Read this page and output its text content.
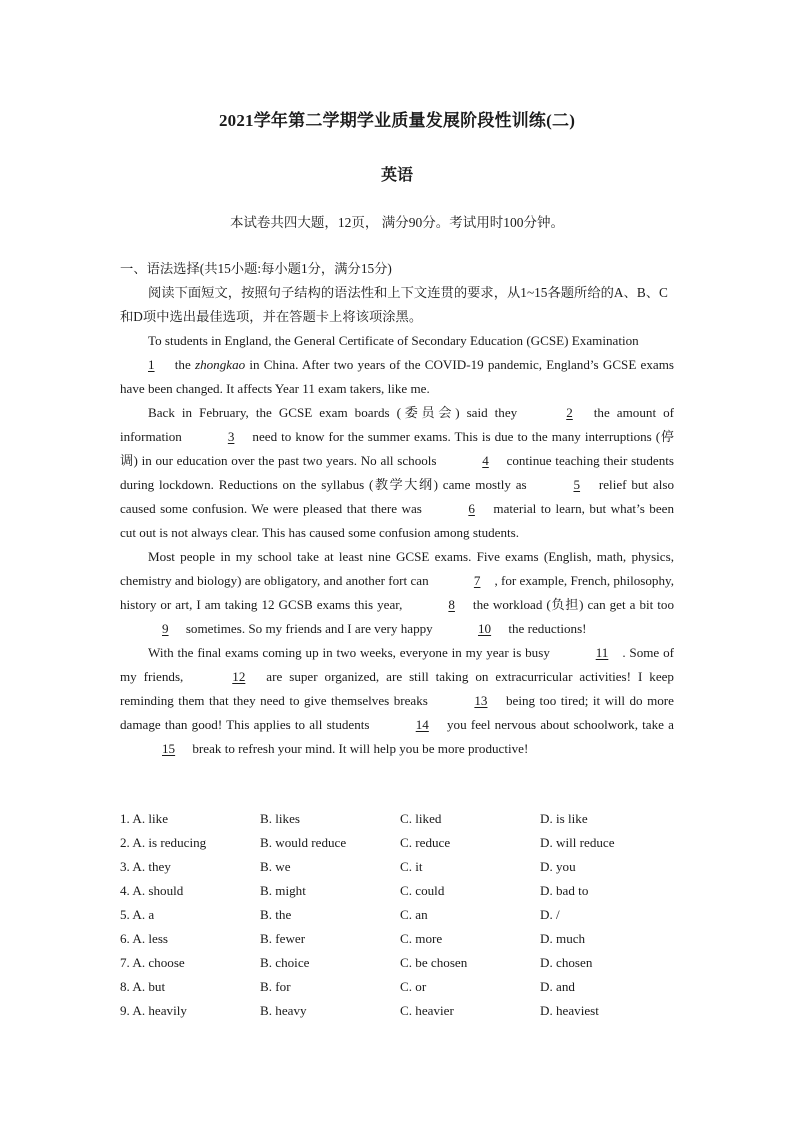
2021学年第二学期学业质量发展阶段性训练(二)
英语
本试卷共四大题，12页， 满分90分。考试用时100分钟。
一、语法选择(共15小题:每小题1分，满分15分)
阅读下面短文，按照句子结构的语法性和上下文连贯的要求，从1~15各题所给的A、B、C和D项中选出最佳选项，并在答题卡上将该项涂黑。

To students in England, the General Certificate of Secondary Education (GCSE) Examination
1 the zhongkao in China. After two years of the COVID-19 pandemic, England’s GCSE exams have been changed. It affects Year 11 exam takers, like me.

Back in February, the GCSE exam boards (委员会) said they	2 the amount of information	3 need to know for the summer exams. This is due to the many interruptions (停调) in our education over the past two years. No all schools	4 continue teaching their students during lockdown. Reductions on the syllabus (教学大纲) came mostly as	5 relief but also caused some confusion. We were pleased that there was	6 material to learn, but what’s been cut out is not always clear. This has caused some confusion among students.

Most people in my school take at least nine GCSE exams. Five exams (English, math, physics, chemistry and biology) are obligatory, and another fort can	7 , for example, French, philosophy, history or art, I am taking 12 GCSB exams this year,	8 the workload (负担) can get a bit too 9 sometimes. So my friends and I are very happy	10 the reductions!

With the final exams coming up in two weeks, everyone in my year is busy	11 . Some of my friends,	12 are super organized, are still taking on extracurricular activities! I keep reminding them that they need to give themselves breaks	13 being too tired; it will do more damage than good! This applies to all students	14 you feel nervous about schoolwork, take a 15 break to refresh your mind. It will help you be more productive!

1. A. like	B. likes	C. liked	D. is like
2. A. is reducing	B. would reduce	C. reduce	D. will reduce
3. A. they	B. we	C. it	D. you
4. A. should	B. might	C. could	D. bad to
5. A. a	B. the	C. an	D. /
6. A. less	B. fewer	C. more	D. much
7. A. choose	B. choice	C. be chosen	D. chosen
8. A. but	B. for	C. or	D. and
9. A. heavily	B. heavy	C. heavier	D. heaviest
